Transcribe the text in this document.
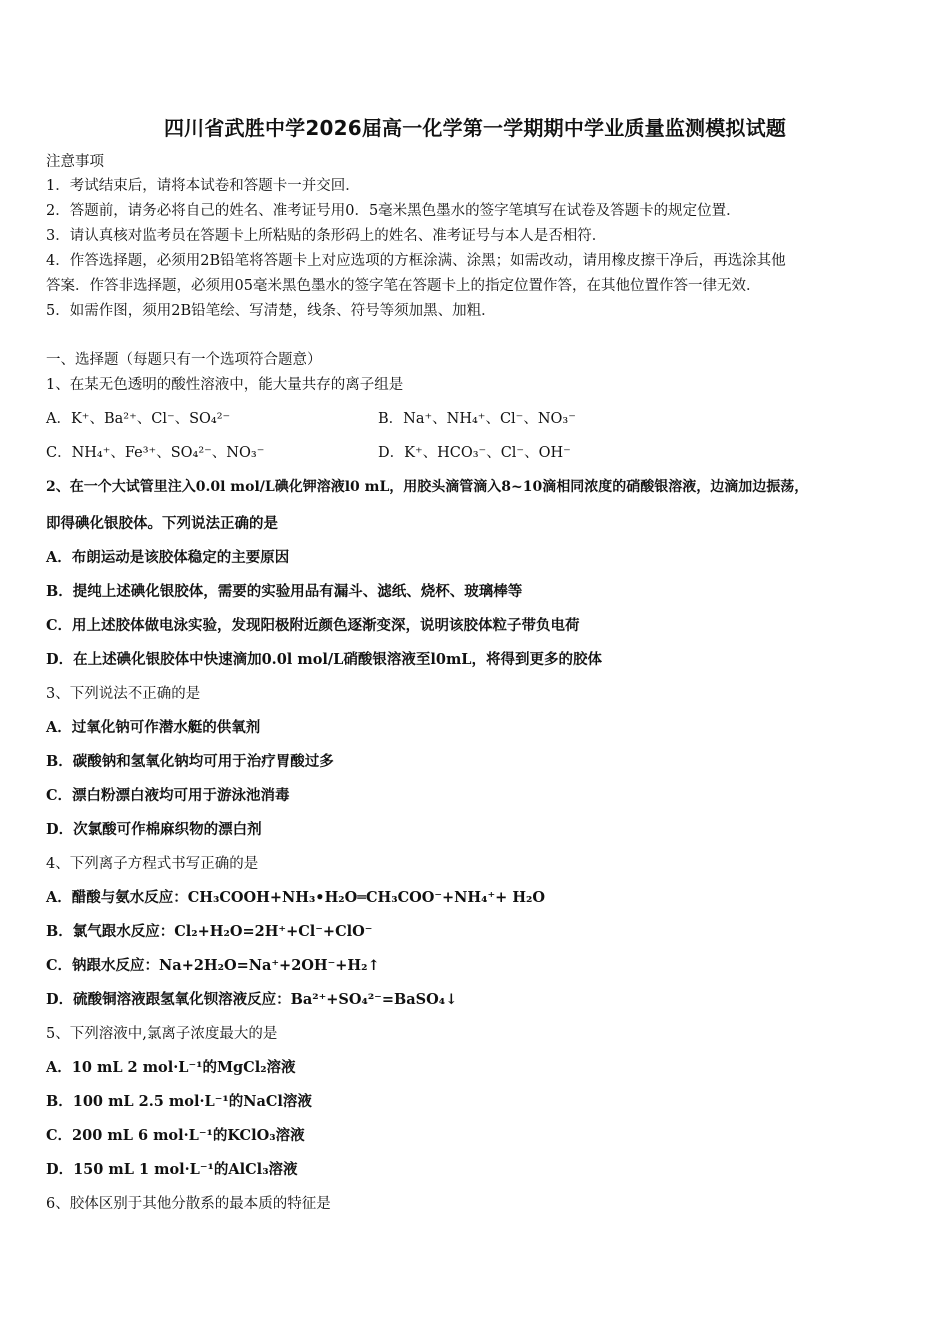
四川省武胜中学2026届高一化学第一学期期中学业质量监测模拟试题
注意事项
1．考试结束后，请将本试卷和答题卡一并交回．
2．答题前，请务必将自己的姓名、准考证号用0．5毫米黑色墨水的签字笔填写在试卷及答题卡的规定位置．
3．请认真核对监考员在答题卡上所粘贴的条形码上的姓名、准考证号与本人是否相符．
4．作答选择题，必须用2B铅笔将答题卡上对应选项的方框涂满、涂黑；如需改动，请用橡皮擦干净后，再选涂其他
答案．作答非选择题，必须用05毫米黑色墨水的签字笔在答题卡上的指定位置作答，在其他位置作答一律无效．
5．如需作图，须用2B铅笔绘、写清楚，线条、符号等须加黑、加粗．
一、选择题（每题只有一个选项符合题意）
1、在某无色透明的酸性溶液中，能大量共存的离子组是
A．K⁺、Ba²⁺、Cl⁻、SO₄²⁻	B．Na⁺、NH₄⁺、Cl⁻、NO₃⁻
C．NH₄⁺、Fe³⁺、SO₄²⁻、NO₃⁻	D．K⁺、HCO₃⁻、Cl⁻、OH⁻
2、在一个大试管里注入0.0l mol/L碘化钾溶液l0 mL，用胶头滴管滴入8~10滴相同浓度的硝酸银溶液，边滴加边振荡，
即得碘化银胶体。下列说法正确的是
A．布朗运动是该胶体稳定的主要原因
B．提纯上述碘化银胶体，需要的实验用品有漏斗、滤纸、烧杯、玻璃棒等
C．用上述胶体做电泳实验，发现阳极附近颜色逐渐变深，说明该胶体粒子带负电荷
D．在上述碘化银胶体中快速滴加0.0l mol/L硝酸银溶液至l0mL，将得到更多的胶体
3、下列说法不正确的是
A．过氧化钠可作潜水艇的供氧剂
B．碳酸钠和氢氧化钠均可用于治疗胃酸过多
C．漂白粉漂白液均可用于游泳池消毒
D．次氯酸可作棉麻织物的漂白剂
4、下列离子方程式书写正确的是
A．醋酸与氨水反应：CH₃COOH+NH₃•H₂O═CH₃COO⁻+NH₄⁺+ H₂O
B．氯气跟水反应：Cl₂+H₂O=2H⁺+Cl⁻+ClO⁻
C．钠跟水反应：Na+2H₂O=Na⁺+2OH⁻+H₂↑
D．硫酸铜溶液跟氢氧化钡溶液反应：Ba²⁺+SO₄²⁻=BaSO₄↓
5、下列溶液中,氯离子浓度最大的是
A．10 mL 2 mol·L⁻¹的MgCl₂溶液
B．100 mL 2.5 mol·L⁻¹的NaCl溶液
C．200 mL 6 mol·L⁻¹的KClO₃溶液
D．150 mL 1 mol·L⁻¹的AlCl₃溶液
6、胶体区别于其他分散系的最本质的特征是
